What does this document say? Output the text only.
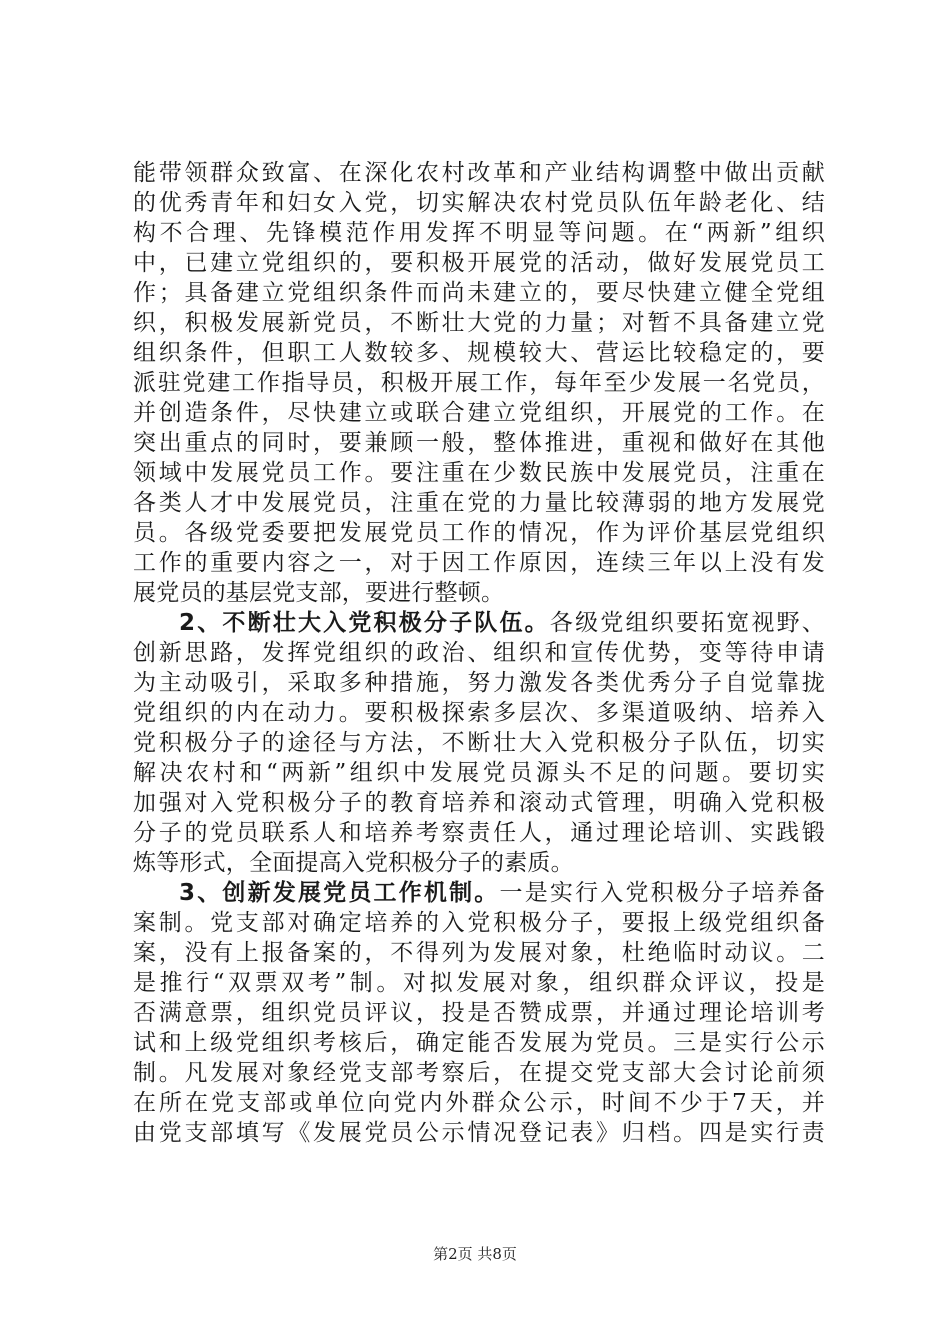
能带领群众致富、在深化农村改革和产业结构调整中做出贡献
的优秀青年和妇女入党，切实解决农村党员队伍年龄老化、结
构不合理、先锋模范作用发挥不明显等问题。在“两新”组织
中，已建立党组织的，要积极开展党的活动，做好发展党员工
作；具备建立党组织条件而尚未建立的，要尽快建立健全党组
织，积极发展新党员，不断壮大党的力量；对暂不具备建立党
组织条件，但职工人数较多、规模较大、营运比较稳定的，要
派驻党建工作指导员，积极开展工作，每年至少发展一名党员，
并创造条件，尽快建立或联合建立党组织，开展党的工作。在
突出重点的同时，要兼顾一般，整体推进，重视和做好在其他
领域中发展党员工作。要注重在少数民族中发展党员，注重在
各类人才中发展党员，注重在党的力量比较薄弱的地方发展党
员。各级党委要把发展党员工作的情况，作为评价基层党组织
工作的重要内容之一，对于因工作原因，连续三年以上没有发
展党员的基层党支部，要进行整顿。
2、不断壮大入党积极分子队伍。各级党组织要拓宽视野、
创新思路，发挥党组织的政治、组织和宣传优势，变等待申请
为主动吸引，采取多种措施，努力激发各类优秀分子自觉靠拢
党组织的内在动力。要积极探索多层次、多渠道吸纳、培养入
党积极分子的途径与方法，不断壮大入党积极分子队伍，切实
解决农村和“两新”组织中发展党员源头不足的问题。要切实
加强对入党积极分子的教育培养和滚动式管理，明确入党积极
分子的党员联系人和培养考察责任人，通过理论培训、实践锻
炼等形式，全面提高入党积极分子的素质。
3、创新发展党员工作机制。一是实行入党积极分子培养备
案制。党支部对确定培养的入党积极分子，要报上级党组织备
案，没有上报备案的，不得列为发展对象，杜绝临时动议。二
是推行“双票双考”制。对拟发展对象，组织群众评议，投是
否满意票，组织党员评议，投是否赞成票，并通过理论培训考
试和上级党组织考核后，确定能否发展为党员。三是实行公示
制。凡发展对象经党支部考察后，在提交党支部大会讨论前须
在所在党支部或单位向党内外群众公示，时间不少于7天，并
由党支部填写《发展党员公示情况登记表》归档。四是实行责
第2页 共8页
